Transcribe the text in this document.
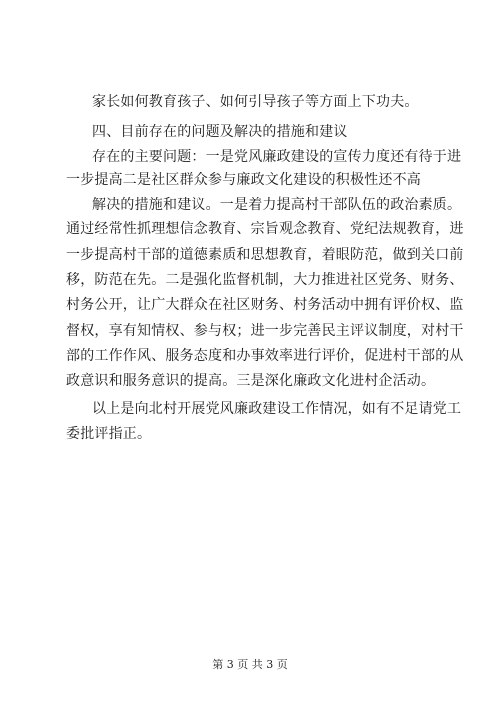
家长如何教育孩子、如何引导孩子等方面上下功夫。
四、目前存在的问题及解决的措施和建议
存在的主要问题：一是党风廉政建设的宣传力度还有待于进
一步提高二是社区群众参与廉政文化建设的积极性还不高
解决的措施和建议。一是着力提高村干部队伍的政治素质。
通过经常性抓理想信念教育、宗旨观念教育、党纪法规教育，进
一步提高村干部的道德素质和思想教育，着眼防范，做到关口前
移，防范在先。二是强化监督机制，大力推进社区党务、财务、
村务公开，让广大群众在社区财务、村务活动中拥有评价权、监
督权，享有知情权、参与权；进一步完善民主评议制度，对村干
部的工作作风、服务态度和办事效率进行评价，促进村干部的从
政意识和服务意识的提高。三是深化廉政文化进村企活动。
以上是向北村开展党风廉政建设工作情况，如有不足请党工
委批评指正。
第 3 页 共 3 页
